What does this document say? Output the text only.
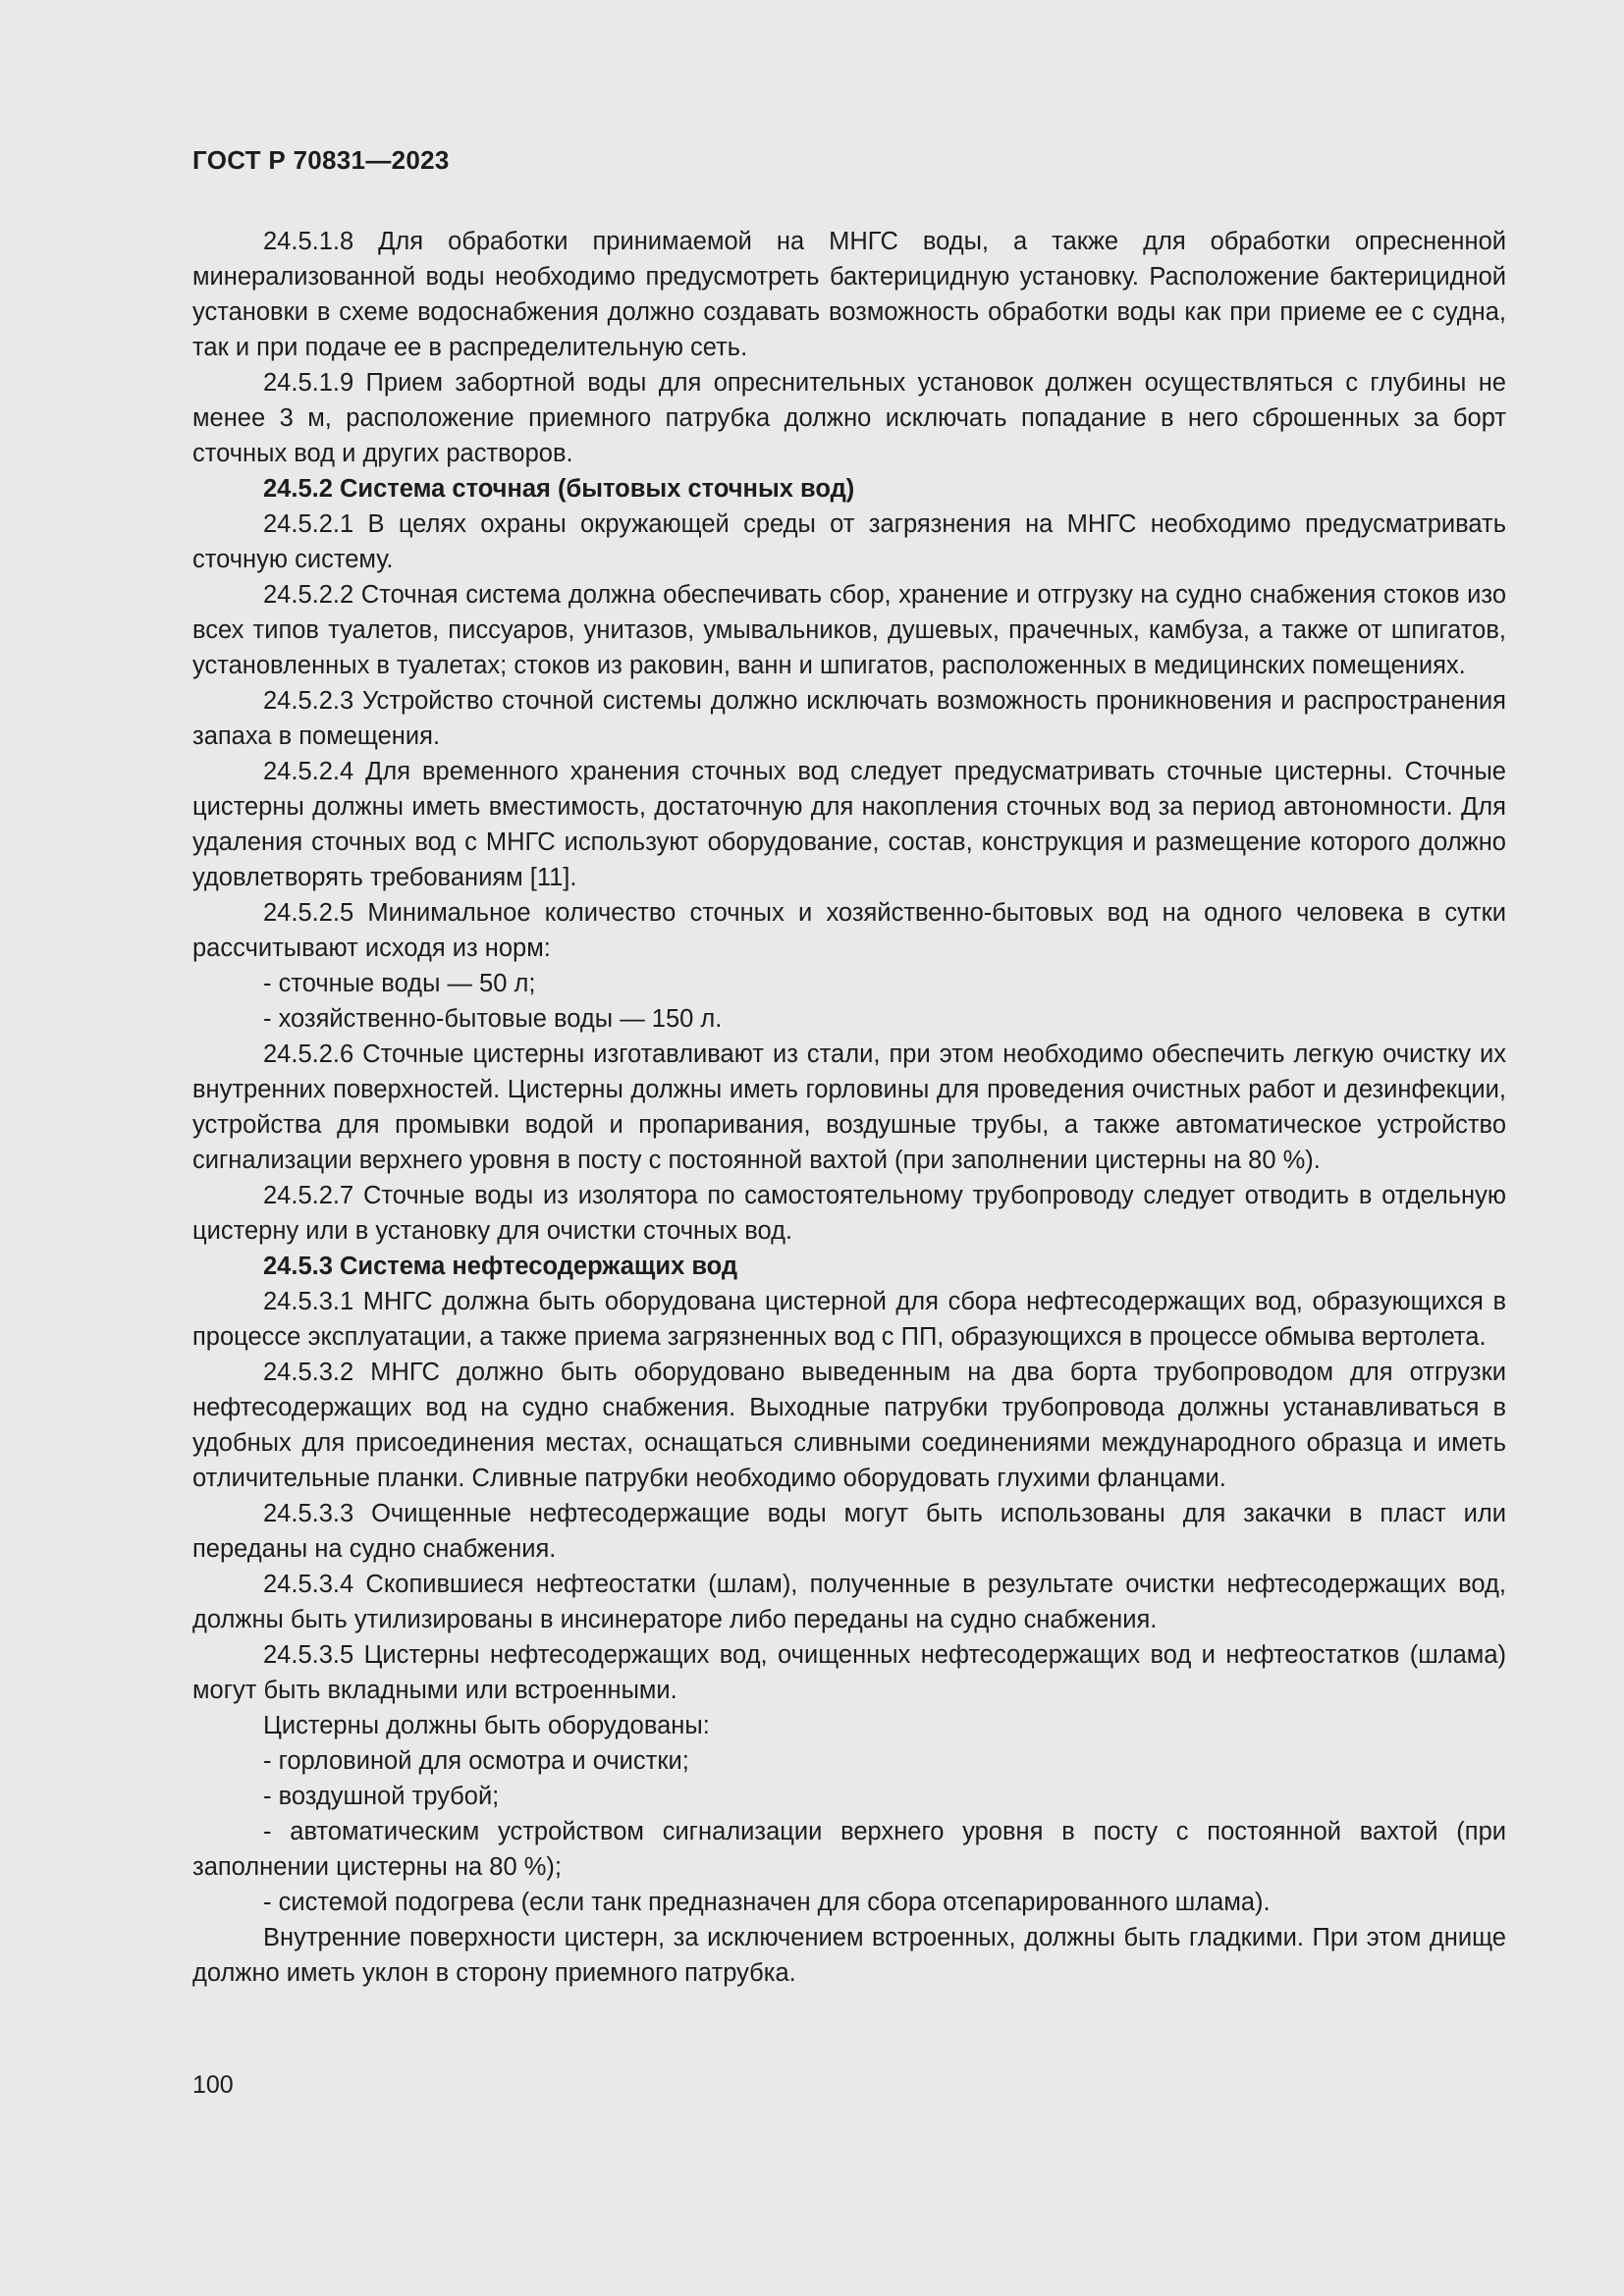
ГОСТ Р 70831—2023

24.5.1.8 Для обработки принимаемой на МНГС воды, а также для обработки опресненной минерализованной воды необходимо предусмотреть бактерицидную установку. Расположение бактерицидной установки в схеме водоснабжения должно создавать возможность обработки воды как при приеме ее с судна, так и при подаче ее в распределительную сеть.

24.5.1.9 Прием забортной воды для опреснительных установок должен осуществляться с глубины не менее 3 м, расположение приемного патрубка должно исключать попадание в него сброшенных за борт сточных вод и других растворов.

24.5.2 Система сточная (бытовых сточных вод)

24.5.2.1 В целях охраны окружающей среды от загрязнения на МНГС необходимо предусматривать сточную систему.

24.5.2.2 Сточная система должна обеспечивать сбор, хранение и отгрузку на судно снабжения стоков изо всех типов туалетов, писсуаров, унитазов, умывальников, душевых, прачечных, камбуза, а также от шпигатов, установленных в туалетах; стоков из раковин, ванн и шпигатов, расположенных в медицинских помещениях.

24.5.2.3 Устройство сточной системы должно исключать возможность проникновения и распространения запаха в помещения.

24.5.2.4 Для временного хранения сточных вод следует предусматривать сточные цистерны. Сточные цистерны должны иметь вместимость, достаточную для накопления сточных вод за период автономности. Для удаления сточных вод с МНГС используют оборудование, состав, конструкция и размещение которого должно удовлетворять требованиям [11].

24.5.2.5 Минимальное количество сточных и хозяйственно-бытовых вод на одного человека в сутки рассчитывают исходя из норм:

- сточные воды — 50 л;

- хозяйственно-бытовые воды — 150 л.

24.5.2.6 Сточные цистерны изготавливают из стали, при этом необходимо обеспечить легкую очистку их внутренних поверхностей. Цистерны должны иметь горловины для проведения очистных работ и дезинфекции, устройства для промывки водой и пропаривания, воздушные трубы, а также автоматическое устройство сигнализации верхнего уровня в посту с постоянной вахтой (при заполнении цистерны на 80 %).

24.5.2.7 Сточные воды из изолятора по самостоятельному трубопроводу следует отводить в отдельную цистерну или в установку для очистки сточных вод.

24.5.3 Система нефтесодержащих вод

24.5.3.1 МНГС должна быть оборудована цистерной для сбора нефтесодержащих вод, образующихся в процессе эксплуатации, а также приема загрязненных вод с ПП, образующихся в процессе обмыва вертолета.

24.5.3.2 МНГС должно быть оборудовано выведенным на два борта трубопроводом для отгрузки нефтесодержащих вод на судно снабжения. Выходные патрубки трубопровода должны устанавливаться в удобных для присоединения местах, оснащаться сливными соединениями международного образца и иметь отличительные планки. Сливные патрубки необходимо оборудовать глухими фланцами.

24.5.3.3 Очищенные нефтесодержащие воды могут быть использованы для закачки в пласт или переданы на судно снабжения.

24.5.3.4 Скопившиеся нефтеостатки (шлам), полученные в результате очистки нефтесодержащих вод, должны быть утилизированы в инсинераторе либо переданы на судно снабжения.

24.5.3.5 Цистерны нефтесодержащих вод, очищенных нефтесодержащих вод и нефтеостатков (шлама) могут быть вкладными или встроенными.

Цистерны должны быть оборудованы:

- горловиной для осмотра и очистки;

- воздушной трубой;

- автоматическим устройством сигнализации верхнего уровня в посту с постоянной вахтой (при заполнении цистерны на 80 %);

- системой подогрева (если танк предназначен для сбора отсепарированного шлама).

Внутренние поверхности цистерн, за исключением встроенных, должны быть гладкими. При этом днище должно иметь уклон в сторону приемного патрубка.

100
